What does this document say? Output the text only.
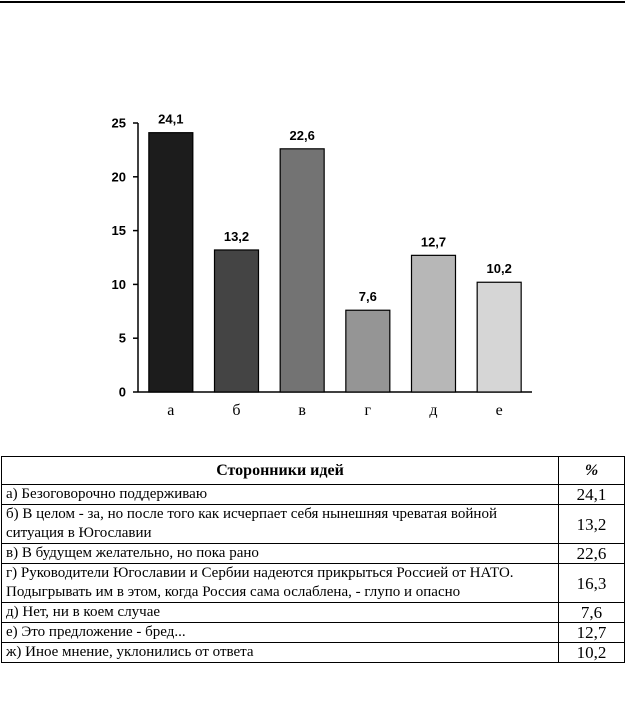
0
5
10
15
20
25 24,1
13,2
22,6
7,6
12,7
10,2
а	б	в	г	д	е
Сторонники идей	%
а) Безоговорочно поддерживаю	24,1
б) В целом - за, но после того как исчерпает себя нынешняя чреватая войной ситуация в Югославии	13,2
в) В будущем желательно, но пока рано	22,6
г) Руководители Югославии и Сербии надеются прикрыться Россией от НАТО. Подыгрывать им в этом, когда Россия сама ослаблена, - глупо и опасно	16,3
д) Нет, ни в коем случае	7,6
е) Это предложение - бред...	12,7
ж) Иное мнение, уклонились от ответа	10,2
